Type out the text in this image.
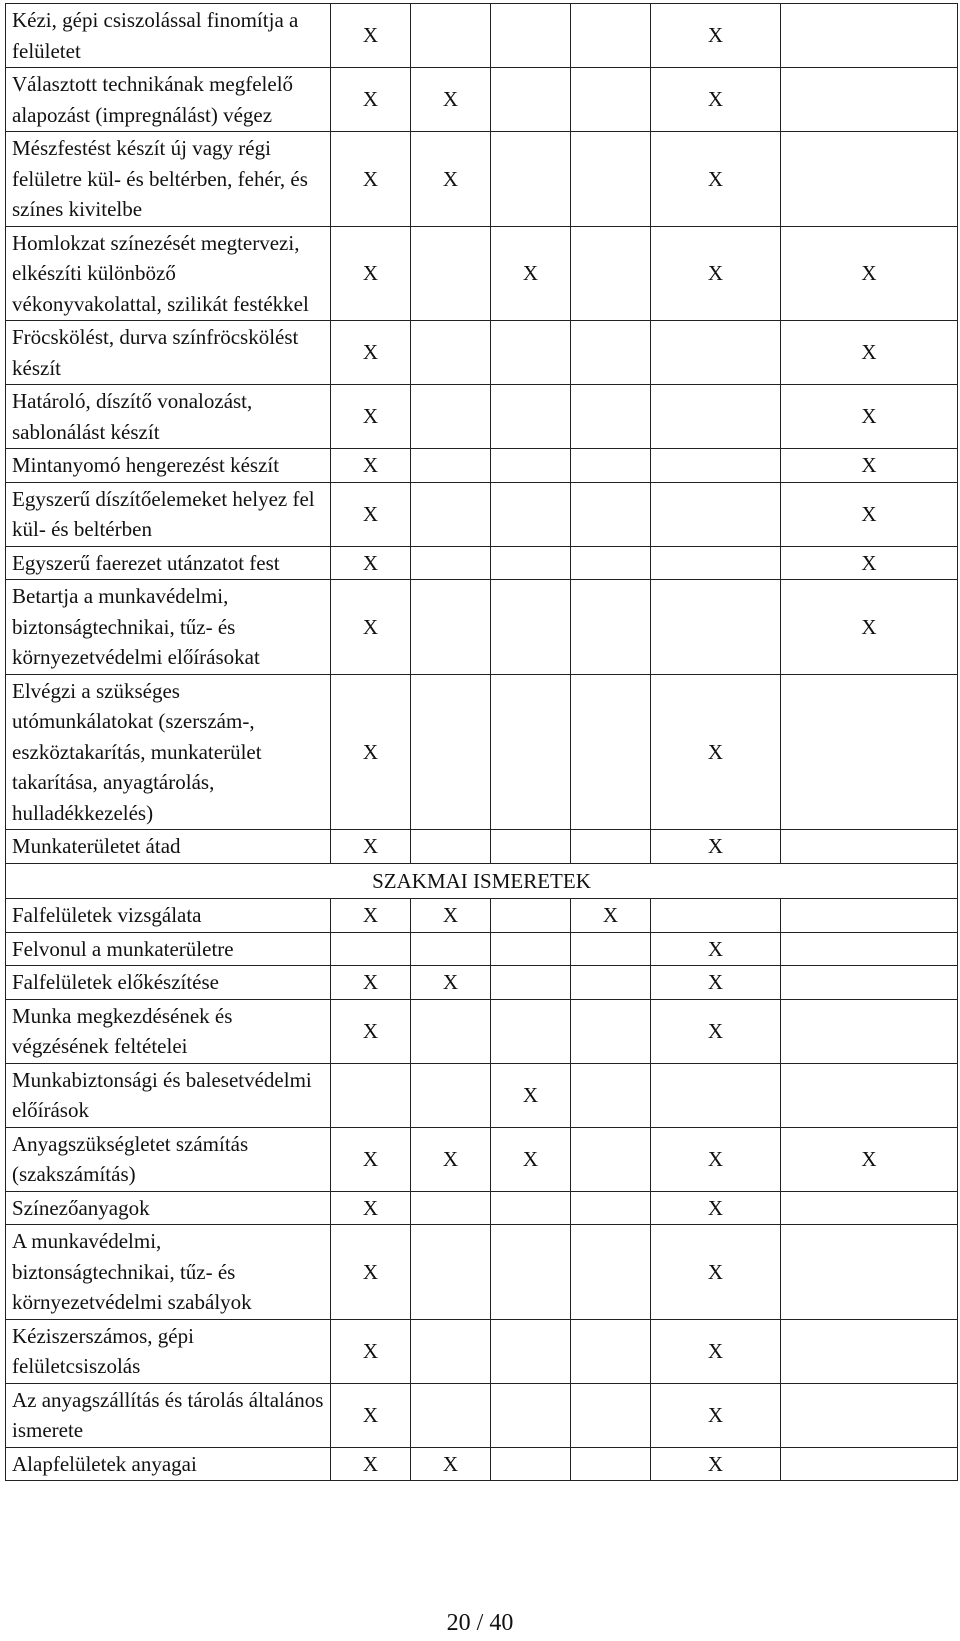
Kézi, gépi csiszolással finomítja a felületet	X				X	
Választott technikának megfelelő alapozást (impregnálást) végez	X	X			X	
Mészfestést készít új vagy régi felületre kül- és beltérben, fehér, és színes kivitelbe	X	X			X	
Homlokzat színezését megtervezi, elkészíti különböző vékonyvakolattal, szilikát festékkel	X		X		X	X
Fröcskölést, durva színfröcskölést készít	X					X
Határoló, díszítő vonalozást, sablonálást készít	X					X
Mintanyomó hengerezést készít	X					X
Egyszerű díszítőelemeket helyez fel kül- és beltérben	X					X
Egyszerű faerezet utánzatot fest	X					X
Betartja a munkavédelmi, biztonságtechnikai, tűz- és környezetvédelmi előírásokat	X					X
Elvégzi a szükséges utómunkálatokat (szerszám-, eszköztakarítás, munkaterület takarítása, anyagtárolás, hulladékkezelés)	X				X	
Munkaterületet átad	X				X	
SZAKMAI ISMERETEK						
Falfelületek vizsgálata	X	X		X		
Felvonul a munkaterületre					X	
Falfelületek előkészítése	X	X			X	
Munka megkezdésének és végzésének feltételei	X				X	
Munkabiztonsági és balesetvédelmi előírások			X			
Anyagszükségletet számítás (szakszámítás)	X	X	X		X	X
Színezőanyagok	X				X	
A munkavédelmi, biztonságtechnikai, tűz- és környezetvédelmi szabályok	X				X	
Kéziszerszámos, gépi felületcsiszolás	X				X	
Az anyagszállítás és tárolás általános ismerete	X				X	
Alapfelületek anyagai	X	X			X	
20 / 40
